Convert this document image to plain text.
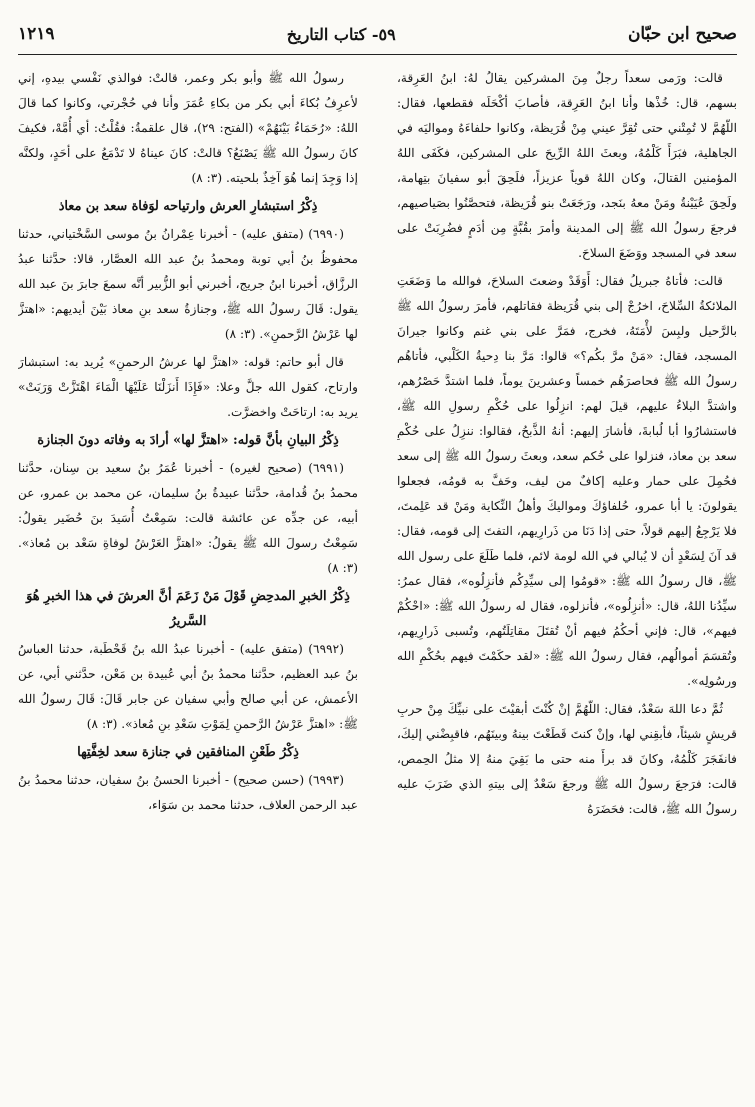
صحيح ابن حبّان
٥٩- كتاب التاريخ
١٢١٩

قالت: ورَمى سعداً رجلٌ مِنَ المشركين يقالُ لهُ: ابنُ العَرِقة، بسهم، قال: خُذْها وأنا ابنُ العَرِقة، فأصابَ أكْحَلَه فقطعها، فقال: اللّهُمَّ لا تُمِتْني حتى تُقِرَّ عيني مِنْ قُرَيظة، وكانوا حلفاءَهُ ومواليَه في الجاهلية، فبَرَأَ كَلْمُهُ، وبعثَ اللهُ الرِّيحَ على المشركين، فكَفَى اللهُ المؤمنين القتالَ، وكان اللهُ قوياً عزيزاً، فلَحِقَ أبو سفيانَ بتِهامة، ولَحِقَ عُيَيْنةُ ومَنْ معهُ بنَجد، ورَجَعَتْ بنو قُرَيظة، فتحصَّنُوا بصَياصيهم، فرجعَ رسولُ الله ﷺ إلى المدينة وأمرَ بقُبَّةٍ مِن أدَمٍ فضُرِبَتْ على سعد في المسجد ووَضَعَ السلاحَ.

قالت: فأتاهُ جبريلُ فقال: أَوَقَدْ وضعتَ السلاحَ، فوالله ما وَضَعَتِ الملائكةُ السِّلاحَ، اخرُجْ إلى بني قُرَيظة فقاتلهم، فأمرَ رسولُ الله ﷺ بالرَّحيل ولبِسَ لأْمَتَهُ، فخرج، فمَرَّ على بني غنم وكانوا جيرانَ المسجد، فقال: «مَنْ مرَّ بكُم؟» قالوا: مَرَّ بنا دِحيةُ الكَلْبي، فأتاهُم رسولُ الله ﷺ فحاصرَهُم خمساً وعشرينَ يوماً، فلما اشتدَّ حَصْرُهم، واشتدَّ البلاءُ عليهم، قيلَ لهم: انزِلُوا على حُكْمِ رسولِ الله ﷺ، فاستشارُوا أبا لُبابةَ، فأشارَ إليهم: أنهُ الذَّبحُ، فقالوا: ننزِلُ على حُكْمِ سعد بن معاذ، فنزلوا على حُكم سعد، وبعثَ رسولُ الله ﷺ إلى سعد فحُمِلَ على حمار وعليه إكافٌ من ليف، وحَفَّ به قومُه، فجعلوا يقولونَ: يا أبا عمرو، حُلفاؤكَ ومواليكَ وأهلُ النِّكاية ومَنْ قد عَلِمتَ، فلا يَرْجِعُ إليهم قولاً، حتى إذا دَنَا من ذَرارِيهم، التفتَ إلى قومه، فقال: قد آنَ لِسَعْدٍ أن لا يُبالي في الله لومة لائم، فلما طَلَعَ على رسول الله ﷺ، قال رسولُ الله ﷺ: «قومُوا إلى سيِّدِكُم فأنزِلُوه»، فقال عمرُ: سيِّدُنا اللهُ، قال: «أنزِلُوه»، فأنزلوه، فقال له رسولُ الله ﷺ: «احْكُمْ فيهم»، قال: فإني أحكُمُ فيهم أنْ تُقتَلَ مقاتِلَتُهم، وتُسبى ذَرارِيهم، وتُقسَمَ أموالُهم، فقال رسولُ الله ﷺ: «لقد حكَمْتَ فيهم بحُكْمِ الله ورسُولِه».

ثُمَّ دعا اللهَ سَعْدٌ، فقال: اللّهُمَّ إنْ كُنْتَ أبقيْتَ على نبيِّكَ مِنْ حربِ قريشٍ شيئاً، فأبقِني لها، وإنْ كنتَ قَطَعْتَ بينهُ وبينَهُم، فاقبِضْني إليكَ، فانفَجَرَ كَلْمُهُ، وكانَ قد برأَ منه حتى ما بَقِيَ منهُ إلا مثلُ الحِمص، قالت: فرَجعَ رسولُ الله ﷺ ورجعَ سَعْدٌ إلى بيتهِ الذي ضَرَبَ عليه رسولُ الله ﷺ، قالت: فحَضَرَهُ

رسولُ الله ﷺ وأبو بكر وعمر، قالتْ: فوالذي نَفْسي بيدهِ، إني لأعرِفُ بُكاءَ أبي بكر من بكاءِ عُمَرَ وأنا في حُجْرتي، وكانوا كما قالَ اللهُ: «رُحَمَاءُ بَيْنَهُمْ» (الفتح: ٢٩)، قال علقمةُ: فقُلْتُ: أي أُمَّهْ، فكيفَ كانَ رسولُ الله ﷺ يَصْنَعُ؟ قالتْ: كانَ عيناهُ لا تَدْمَعُ على أحَدٍ، ولكنَّه إذا وَجِدَ إنما هُوَ آخِذٌ بلحيته. (٣: ٨)

ذِكْرُ استبشارِ العرش وارتياحه لوَفاة سعد بن معاذ

(٦٩٩٠) (متفق عليه) - أخبرنا عِمْرانُ بنُ موسى السَّخْتياني، حدثنا محفوظُ بنُ أبي توبة ومحمدُ بنُ عبد الله العصَّار، قالا: حدَّثنا عبدُ الرزَّاق، أخبرنا ابنُ جريج، أخبرني أبو الزُّبير أنَّه سمعَ جابرَ بنَ عبد الله يقول: قَالَ رسولُ الله ﷺ، وجنازةُ سعد بنِ معاذ بَيْنَ أيديهم: «اهتزَّ لها عَرْشُ الرَّحمنِ». (٣: ٨)

قال أبو حاتم: قوله: «اهتزَّ لها عرشُ الرحمنِ» يُريد به: استبشارَ وارتاح، كقول الله جلَّ وعلا: «فَإِذَا أَنزَلْنَا عَلَيْهَا الْمَاءَ اهْتَزَّتْ وَرَبَتْ» يريد به: ارتاحَتْ واخضرَّت.

ذِكْرُ البيانِ بأنَّ قوله: «اهتزَّ لها» أرادَ به وفاته دونَ الجنازة

(٦٩٩١) (صحيح لغيره) - أخبرنا عُمَرُ بنُ سعيد بن سِنان، حدَّثنا محمدُ بنُ قُدامة، حدَّثنا عبيدةُ بنُ سليمان، عن محمد بن عمرو، عن أبيه، عن جدِّه عن عائشة قالت: سَمِعْتُ أُسَيدَ بنَ حُضَير يقولُ: سَمِعْتُ رسولَ الله ﷺ يقولُ: «اهتزَّ العَرْشُ لوفاةِ سَعْد بن مُعاذ». (٣: ٨)

ذِكْرُ الخبرِ المدحِضِ قَوْلَ مَنْ زَعَمَ أنَّ العرشَ في هذا الخبرِ هُوَ السَّريرُ

(٦٩٩٢) (متفق عليه) - أخبرنا عبدُ الله بنُ قَحْطَبة، حدثنا العباسُ بنُ عبد العظيم، حدَّثنا محمدُ بنُ أبي عُبيدة بن مَعْن، حدَّثني أبي، عن الأعمش، عن أبي صالح وأبي سفيان عن جابر قَالَ: قَالَ رسولُ الله ﷺ: «اهتزَّ عَرْشُ الرَّحمنِ لِمَوْتِ سَعْدِ بنِ مُعاذ». (٣: ٨)

ذِكْرُ طَعْنِ المنافقين في جنازة سعد لخِفَّتِها

(٦٩٩٣) (حسن صحيح) - أخبرنا الحسنُ بنُ سفيان، حدثنا محمدُ بنُ عبد الرحمن العلاف، حدثنا محمد بن سَوَاء،
